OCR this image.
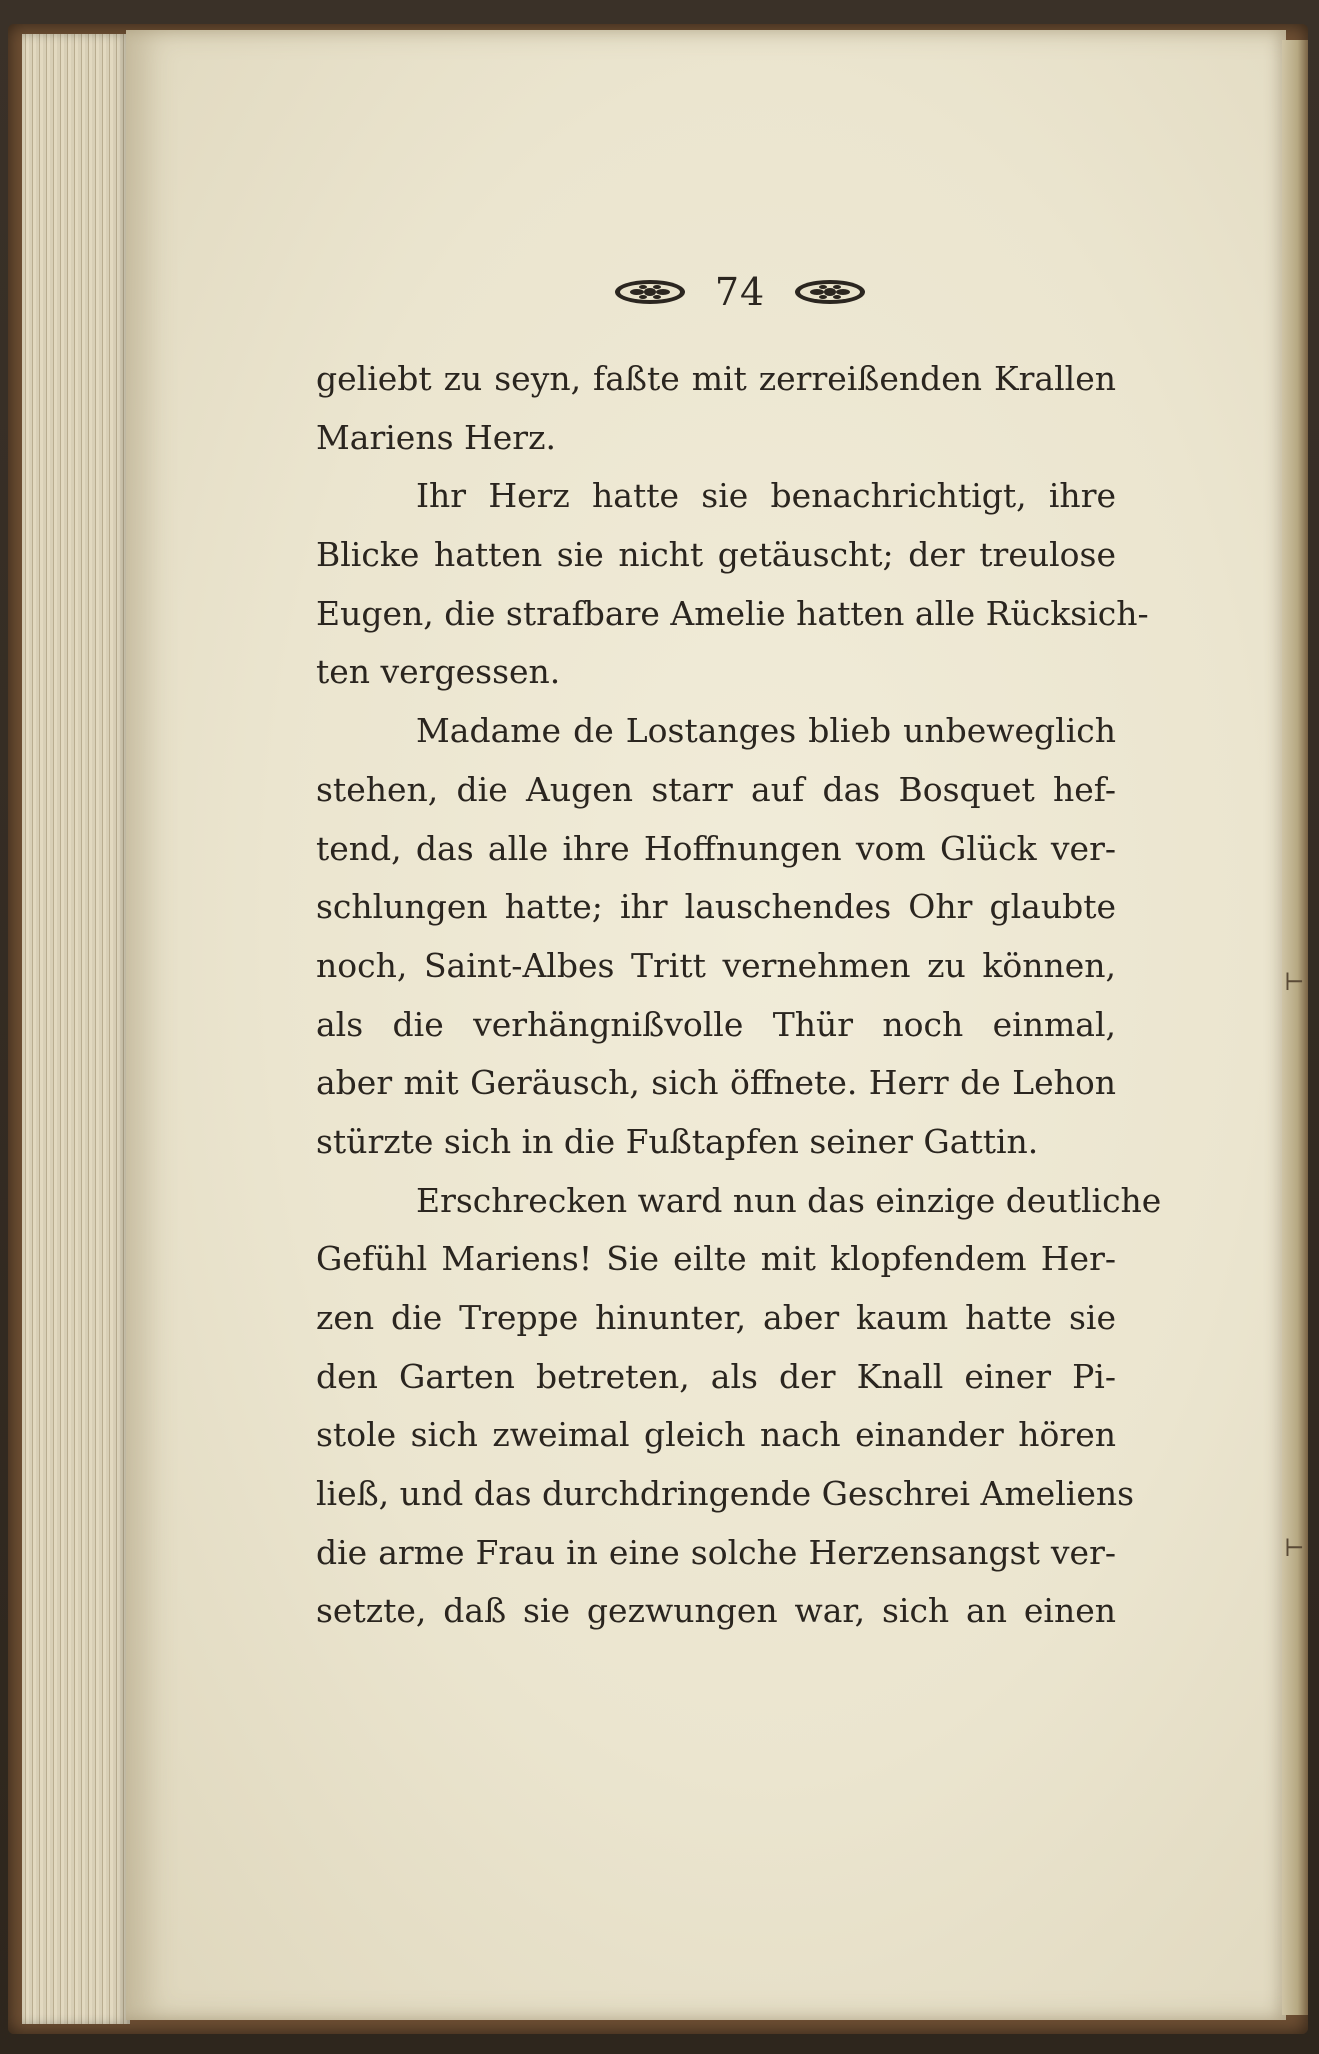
⊢
⊢
74
geliebt zu seyn, faßte mit zerreißenden Krallen
Mariens Herz.
Ihr Herz hatte sie benachrichtigt, ihre
Blicke hatten sie nicht getäuscht; der treulose
Eugen, die strafbare Amelie hatten alle Rücksich-
ten vergessen.
Madame de Lostanges blieb unbeweglich
stehen, die Augen starr auf das Bosquet hef-
tend, das alle ihre Hoffnungen vom Glück ver-
schlungen hatte; ihr lauschendes Ohr glaubte
noch, Saint-Albes Tritt vernehmen zu können,
als die verhängnißvolle Thür noch einmal,
aber mit Geräusch, sich öffnete. Herr de Lehon
stürzte sich in die Fußtapfen seiner Gattin.
Erschrecken ward nun das einzige deutliche
Gefühl Mariens! Sie eilte mit klopfendem Her-
zen die Treppe hinunter, aber kaum hatte sie
den Garten betreten, als der Knall einer Pi-
stole sich zweimal gleich nach einander hören
ließ, und das durchdringende Geschrei Ameliens
die arme Frau in eine solche Herzensangst ver-
setzte, daß sie gezwungen war, sich an einen
